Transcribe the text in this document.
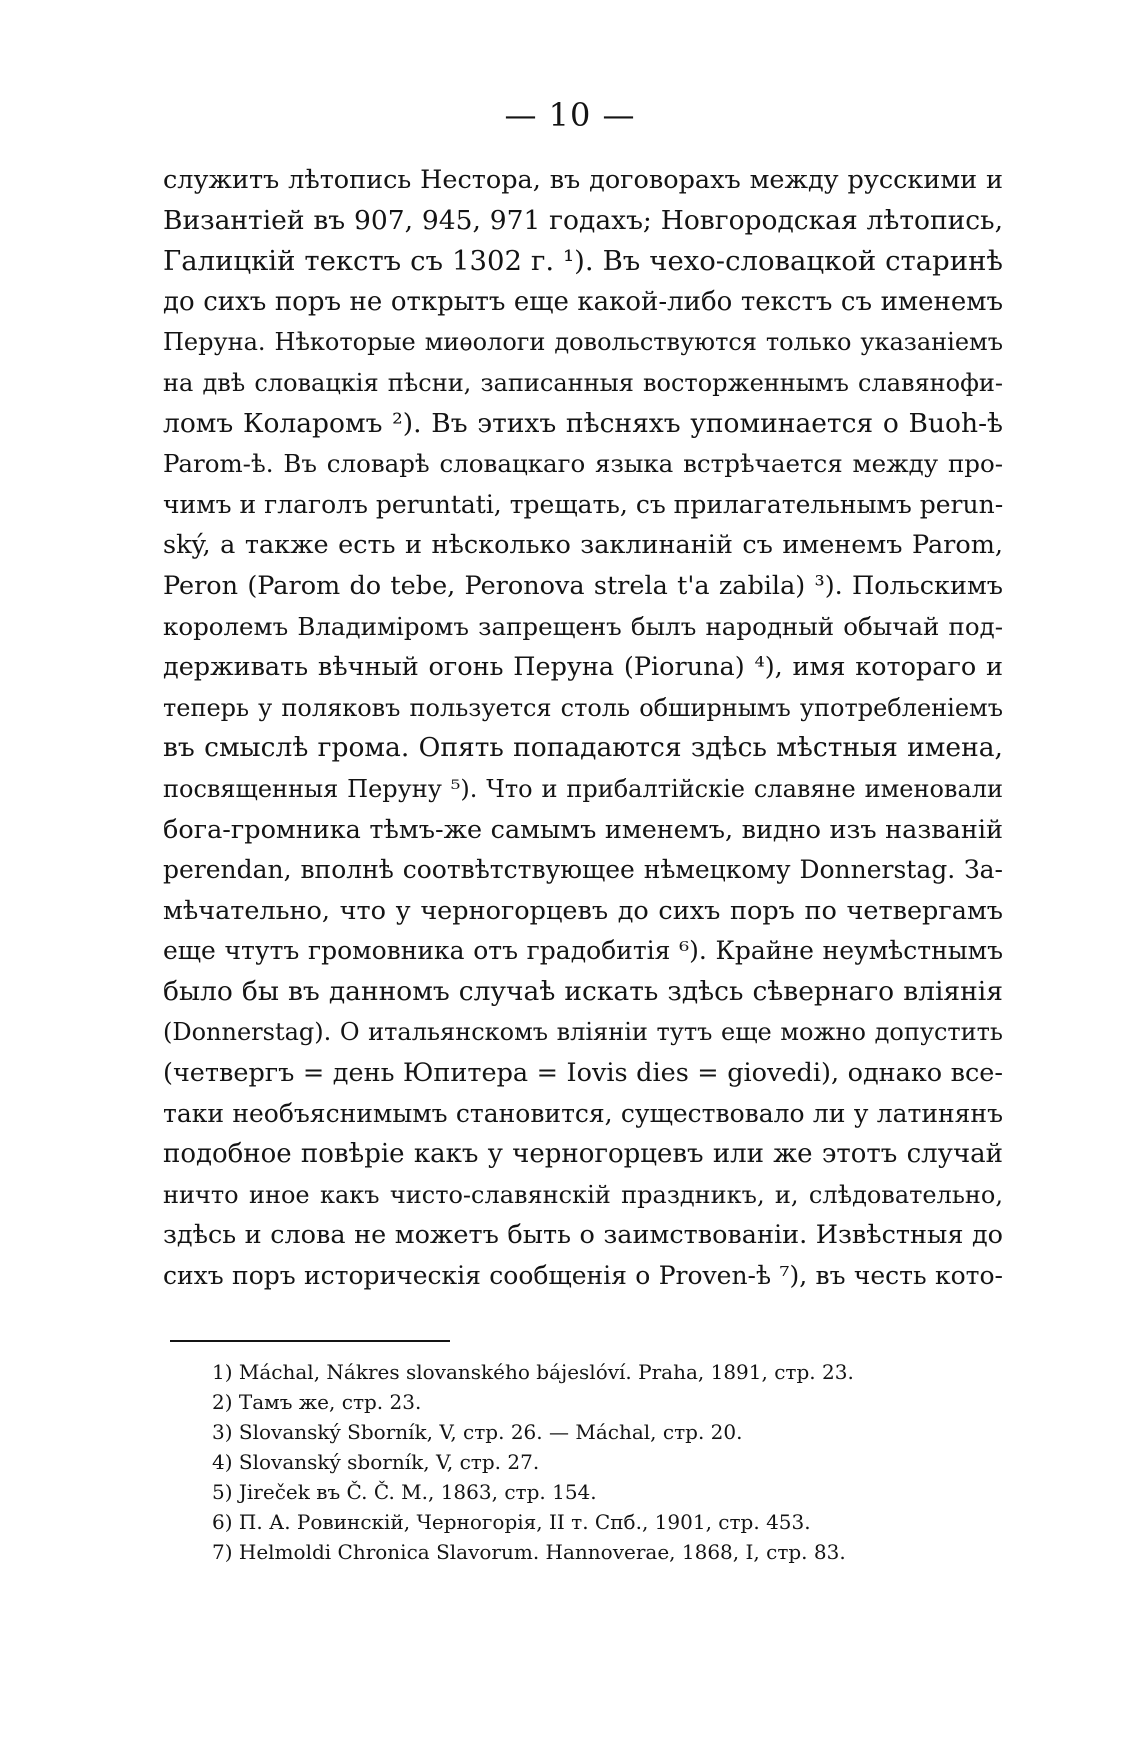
— 10 —
служитъ лѣтопись Нестора, въ договорахъ между русскими и
Византіей въ 907, 945, 971 годахъ; Новгородская лѣтопись,
Галицкій текстъ съ 1302 г. ¹). Въ чехо-словацкой старинѣ
до сихъ поръ не открытъ еще какой-либо текстъ съ именемъ
Перуна. Нѣкоторые миѳологи довольствуются только указаніемъ
на двѣ словацкія пѣсни, записанныя восторженнымъ славянофи-
ломъ Коларомъ ²). Въ этихъ пѣсняхъ упоминается о Buoh-ѣ
Parom-ѣ. Въ словарѣ словацкаго языка встрѣчается между про-
чимъ и глаголъ peruntati, трещать, съ прилагательнымъ perun-
ský, а также есть и нѣсколько заклинаній съ именемъ Parom,
Peron (Parom do tebe, Peronova strela t'a zabila) ³). Польскимъ
королемъ Владиміромъ запрещенъ былъ народный обычай под-
держивать вѣчный огонь Перуна (Piorunа) ⁴), имя котораго и
теперь у поляковъ пользуется столь обширнымъ употребленіемъ
въ смыслѣ грома. Опять попадаются здѣсь мѣстныя имена,
посвященныя Перуну ⁵). Что и прибалтійскіе славяне именовали
бога-громника тѣмъ-же самымъ именемъ, видно изъ названій
perendan, вполнѣ соотвѣтствующее нѣмецкому Donnerstag. За-
мѣчательно, что у черногорцевъ до сихъ поръ по четвергамъ
еще чтутъ громовника отъ градобитія ⁶). Крайне неумѣстнымъ
было бы въ данномъ случаѣ искать здѣсь сѣвернаго вліянія
(Donnerstag). О итальянскомъ вліяніи тутъ еще можно допустить
(четвергъ = день Юпитера = Iovis dies = giovedi), однако все-
таки необъяснимымъ становится, существовало ли у латинянъ
подобное повѣріе какъ у черногорцевъ или же этотъ случай
ничто иное какъ чисто-славянскій праздникъ, и, слѣдовательно,
здѣсь и слова не можетъ быть о заимствованіи. Извѣстныя до
сихъ поръ историческія сообщенія о Proven-ѣ ⁷), въ честь кото-
1) Máchal, Nákres slovanského bájeslóví. Praha, 1891, стр. 23.
2) Тамъ же, стр. 23.
3) Slovanský Sborník, V, стр. 26. — Máchal, стр. 20.
4) Slovanský sborník, V, стр. 27.
5) Jireček въ Č. Č. M., 1863, стр. 154.
6) П. А. Ровинскій, Черногорія, II т. Спб., 1901, стр. 453.
7) Helmoldi Chronica Slavorum. Hannoverae, 1868, I, стр. 83.
